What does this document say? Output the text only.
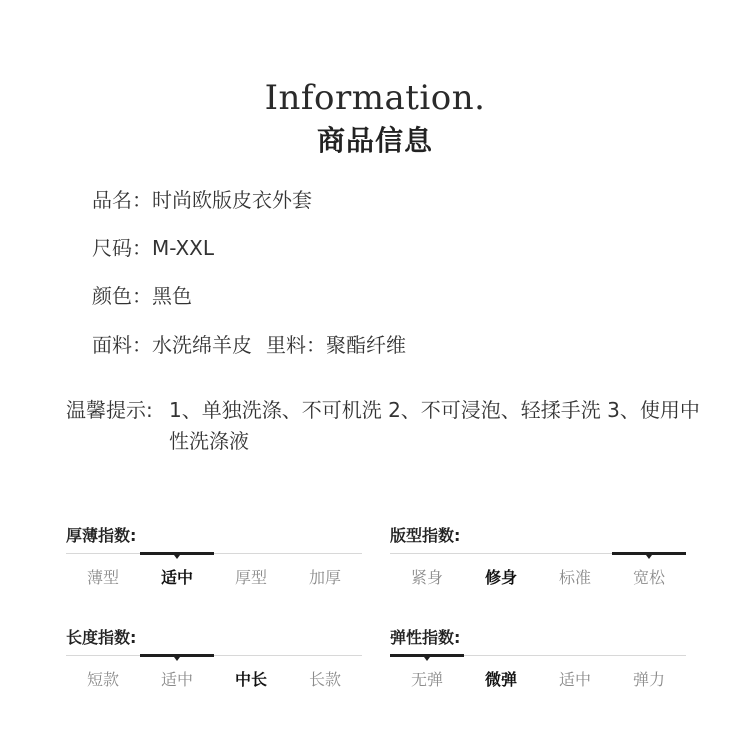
Information.
商品信息
品名：时尚欧版皮衣外套
尺码：M-XXL
颜色：黑色
面料：水洗绵羊皮 里料：聚酯纤维
温馨提示: 1、单独洗涤、不可机洗 2、不可浸泡、轻揉手洗 3、使用中性洗涤液
厚薄指数:
薄型	适中	厚型	加厚
版型指数:
紧身	修身	标准	宽松
长度指数:
短款	适中	中长	长款
弹性指数:
无弹	微弹	适中	弹力
